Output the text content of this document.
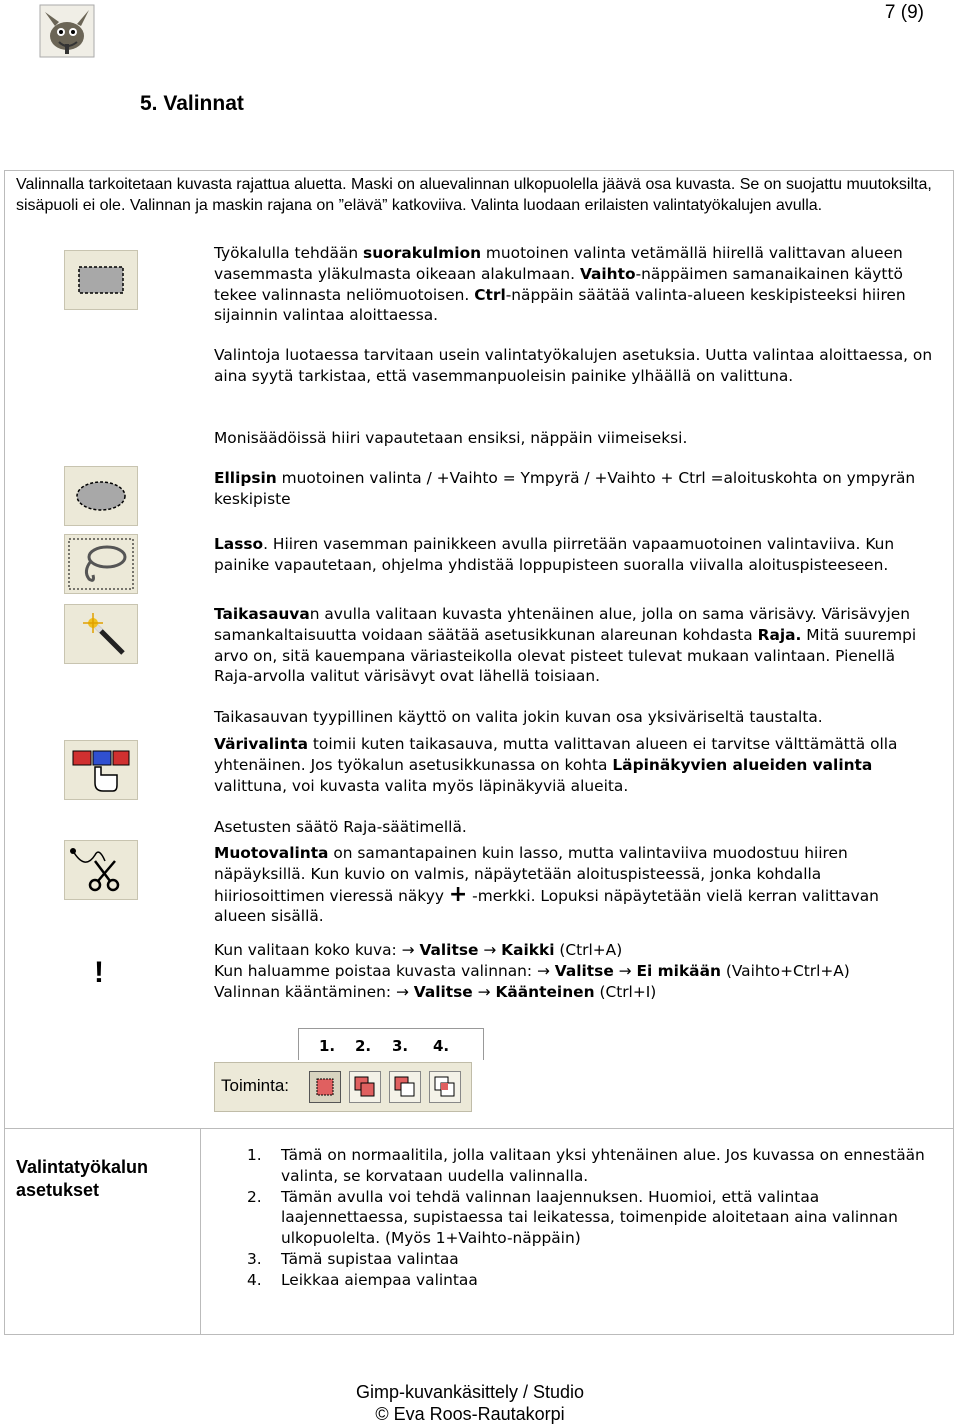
7 (9)
5. Valinnat
Valinnalla tarkoitetaan kuvasta rajattua aluetta. Maski on aluevalinnan ulkopuolella jäävä osa kuvasta. Se on suojattu muutoksilta, sisäpuoli ei ole. Valinnan ja maskin rajana on ”elävä” katkoviiva. Valinta luodaan erilaisten valintatyökalujen avulla.
Työkalulla tehdään suorakulmion muotoinen valinta vetämällä hiirellä valittavan alueen vasemmasta yläkulmasta oikeaan alakulmaan. Vaihto-näppäimen samanaikainen käyttö tekee valinnasta neliömuotoisen. Ctrl-näppäin säätää valinta-alueen keskipisteeksi hiiren sijainnin valintaa aloittaessa.
Valintoja luotaessa tarvitaan usein valintatyökalujen asetuksia. Uutta valintaa aloittaessa, on aina syytä tarkistaa, että vasemmanpuoleisin painike ylhäällä on valittuna.
Monisäädöissä hiiri vapautetaan ensiksi, näppäin viimeiseksi.
Ellipsin muotoinen valinta / +Vaihto = Ympyrä / +Vaihto + Ctrl =aloituskohta on ympyrän keskipiste
Lasso. Hiiren vasemman painikkeen avulla piirretään vapaamuotoinen valintaviiva. Kun painike vapautetaan, ohjelma yhdistää loppupisteen suoralla viivalla aloituspisteeseen.
Taikasauvan avulla valitaan kuvasta yhtenäinen alue, jolla on sama värisävy. Värisävyjen samankaltaisuutta voidaan säätää asetusikkunan alareunan kohdasta Raja. Mitä suurempi arvo on, sitä kauempana väriasteikolla olevat pisteet tulevat mukaan valintaan. Pienellä Raja-arvolla valitut värisävyt ovat lähellä toisiaan.
Taikasauvan tyypillinen käyttö on valita jokin kuvan osa yksiväriseltä taustalta.
Värivalinta toimii kuten taikasauva, mutta valittavan alueen ei tarvitse välttämättä olla yhtenäinen. Jos työkalun asetusikkunassa on kohta Läpinäkyvien alueiden valinta valittuna, voi kuvasta valita myös läpinäkyviä alueita.
Asetusten säätö Raja-säätimellä.
Muotovalinta on samantapainen kuin lasso, mutta valintaviiva muodostuu hiiren näpäyksillä. Kun kuvio on valmis, näpäytetään aloituspisteessä, jonka kohdalla hiiriosoittimen vieressä näkyy + -merkki. Lopuksi näpäytetään vielä kerran valittavan alueen sisällä.
!
Kun valitaan koko kuva: → Valitse → Kaikki (Ctrl+A)
Kun haluamme poistaa kuvasta valinnan: → Valitse → Ei mikään (Vaihto+Ctrl+A)
Valinnan kääntäminen: → Valitse → Käänteinen (Ctrl+I)
1. 2. 3. 4.
Toiminta:
Valintatyökalun asetukset
1. Tämä on normaalitila, jolla valitaan yksi yhtenäinen alue. Jos kuvassa on ennestään valinta, se korvataan uudella valinnalla.
2. Tämän avulla voi tehdä valinnan laajennuksen. Huomioi, että valintaa laajennettaessa, supistaessa tai leikatessa, toimenpide aloitetaan aina valinnan ulkopuolelta. (Myös 1+Vaihto-näppäin)
3. Tämä supistaa valintaa
4. Leikkaa aiempaa valintaa
Gimp-kuvankäsittely / Studio
© Eva Roos-Rautakorpi
